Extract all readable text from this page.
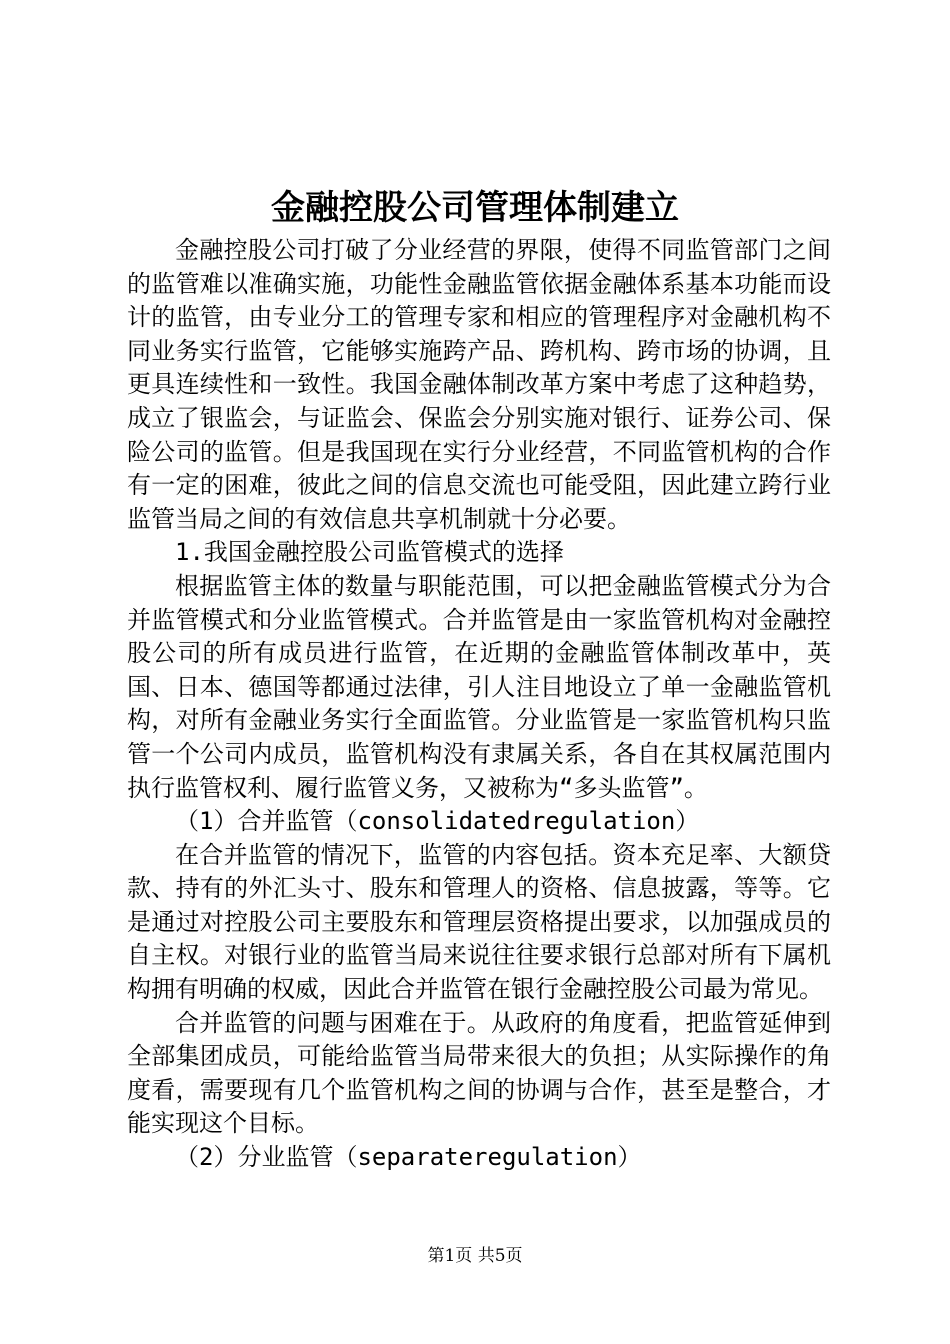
金融控股公司管理体制建立

金融控股公司打破了分业经营的界限，使得不同监管部门之间的监管难以准确实施，功能性金融监管依据金融体系基本功能而设计的监管，由专业分工的管理专家和相应的管理程序对金融机构不同业务实行监管，它能够实施跨产品、跨机构、跨市场的协调，且更具连续性和一致性。我国金融体制改革方案中考虑了这种趋势，成立了银监会，与证监会、保监会分别实施对银行、证券公司、保险公司的监管。但是我国现在实行分业经营，不同监管机构的合作有一定的困难，彼此之间的信息交流也可能受阻，因此建立跨行业监管当局之间的有效信息共享机制就十分必要。

1.我国金融控股公司监管模式的选择

根据监管主体的数量与职能范围，可以把金融监管模式分为合并监管模式和分业监管模式。合并监管是由一家监管机构对金融控股公司的所有成员进行监管，在近期的金融监管体制改革中，英国、日本、德国等都通过法律，引人注目地设立了单一金融监管机构，对所有金融业务实行全面监管。分业监管是一家监管机构只监管一个公司内成员，监管机构没有隶属关系，各自在其权属范围内执行监管权利、履行监管义务，又被称为“多头监管”。

（1）合并监管（consolidatedregulation）

在合并监管的情况下，监管的内容包括。资本充足率、大额贷款、持有的外汇头寸、股东和管理人的资格、信息披露，等等。它是通过对控股公司主要股东和管理层资格提出要求，以加强成员的自主权。对银行业的监管当局来说往往要求银行总部对所有下属机构拥有明确的权威，因此合并监管在银行金融控股公司最为常见。

合并监管的问题与困难在于。从政府的角度看，把监管延伸到全部集团成员，可能给监管当局带来很大的负担；从实际操作的角度看，需要现有几个监管机构之间的协调与合作，甚至是整合，才能实现这个目标。

（2）分业监管（separateregulation）

第1页 共5页
